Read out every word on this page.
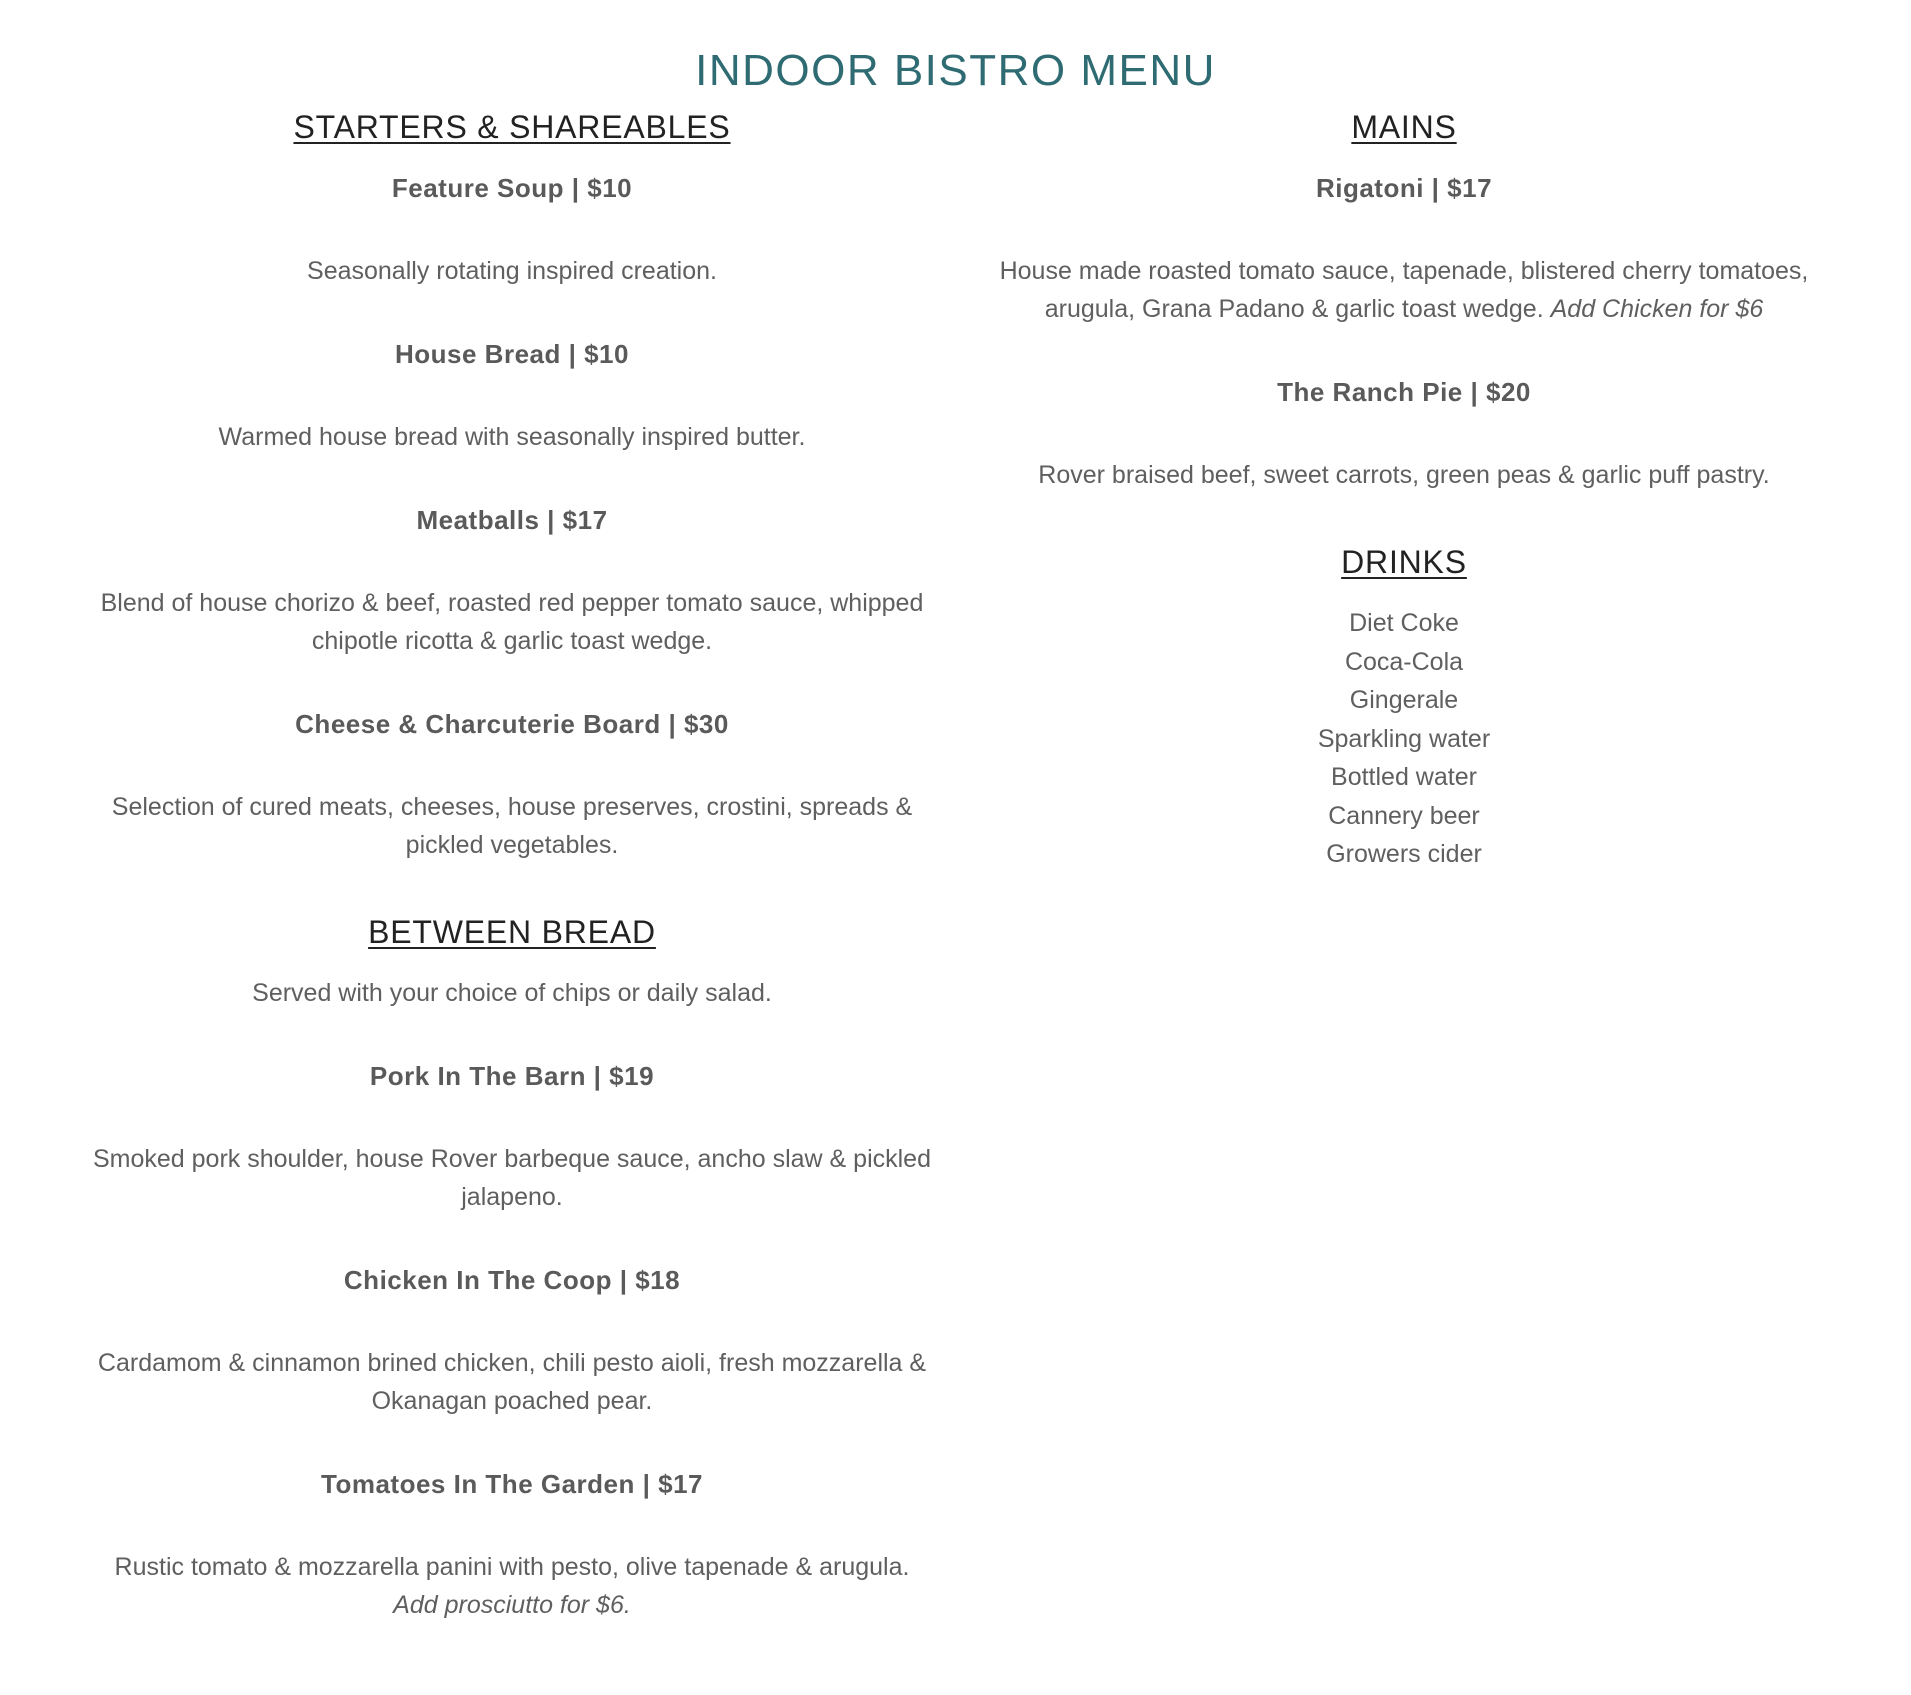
INDOOR BISTRO MENU
STARTERS & SHAREABLES
Feature Soup | $10
Seasonally rotating inspired creation.
House Bread | $10
Warmed house bread with seasonally inspired butter.
Meatballs | $17
Blend of house chorizo & beef, roasted red pepper tomato sauce, whipped chipotle ricotta & garlic toast wedge.
Cheese & Charcuterie Board | $30
Selection of cured meats, cheeses, house preserves, crostini, spreads & pickled vegetables.
BETWEEN BREAD
Served with your choice of chips or daily salad.
Pork In The Barn | $19
Smoked pork shoulder, house Rover barbeque sauce, ancho slaw & pickled jalapeno.
Chicken In The Coop | $18
Cardamom & cinnamon brined chicken, chili pesto aioli, fresh mozzarella & Okanagan poached pear.
Tomatoes In The Garden | $17
Rustic tomato & mozzarella panini with pesto, olive tapenade & arugula.
Add prosciutto for $6.
MAINS
Rigatoni | $17
House made roasted tomato sauce, tapenade, blistered cherry tomatoes, arugula, Grana Padano & garlic toast wedge. Add Chicken for $6
The Ranch Pie | $20
Rover braised beef, sweet carrots, green peas & garlic puff pastry.
DRINKS
Diet Coke
Coca-Cola
Gingerale
Sparkling water
Bottled water
Cannery beer
Growers cider
